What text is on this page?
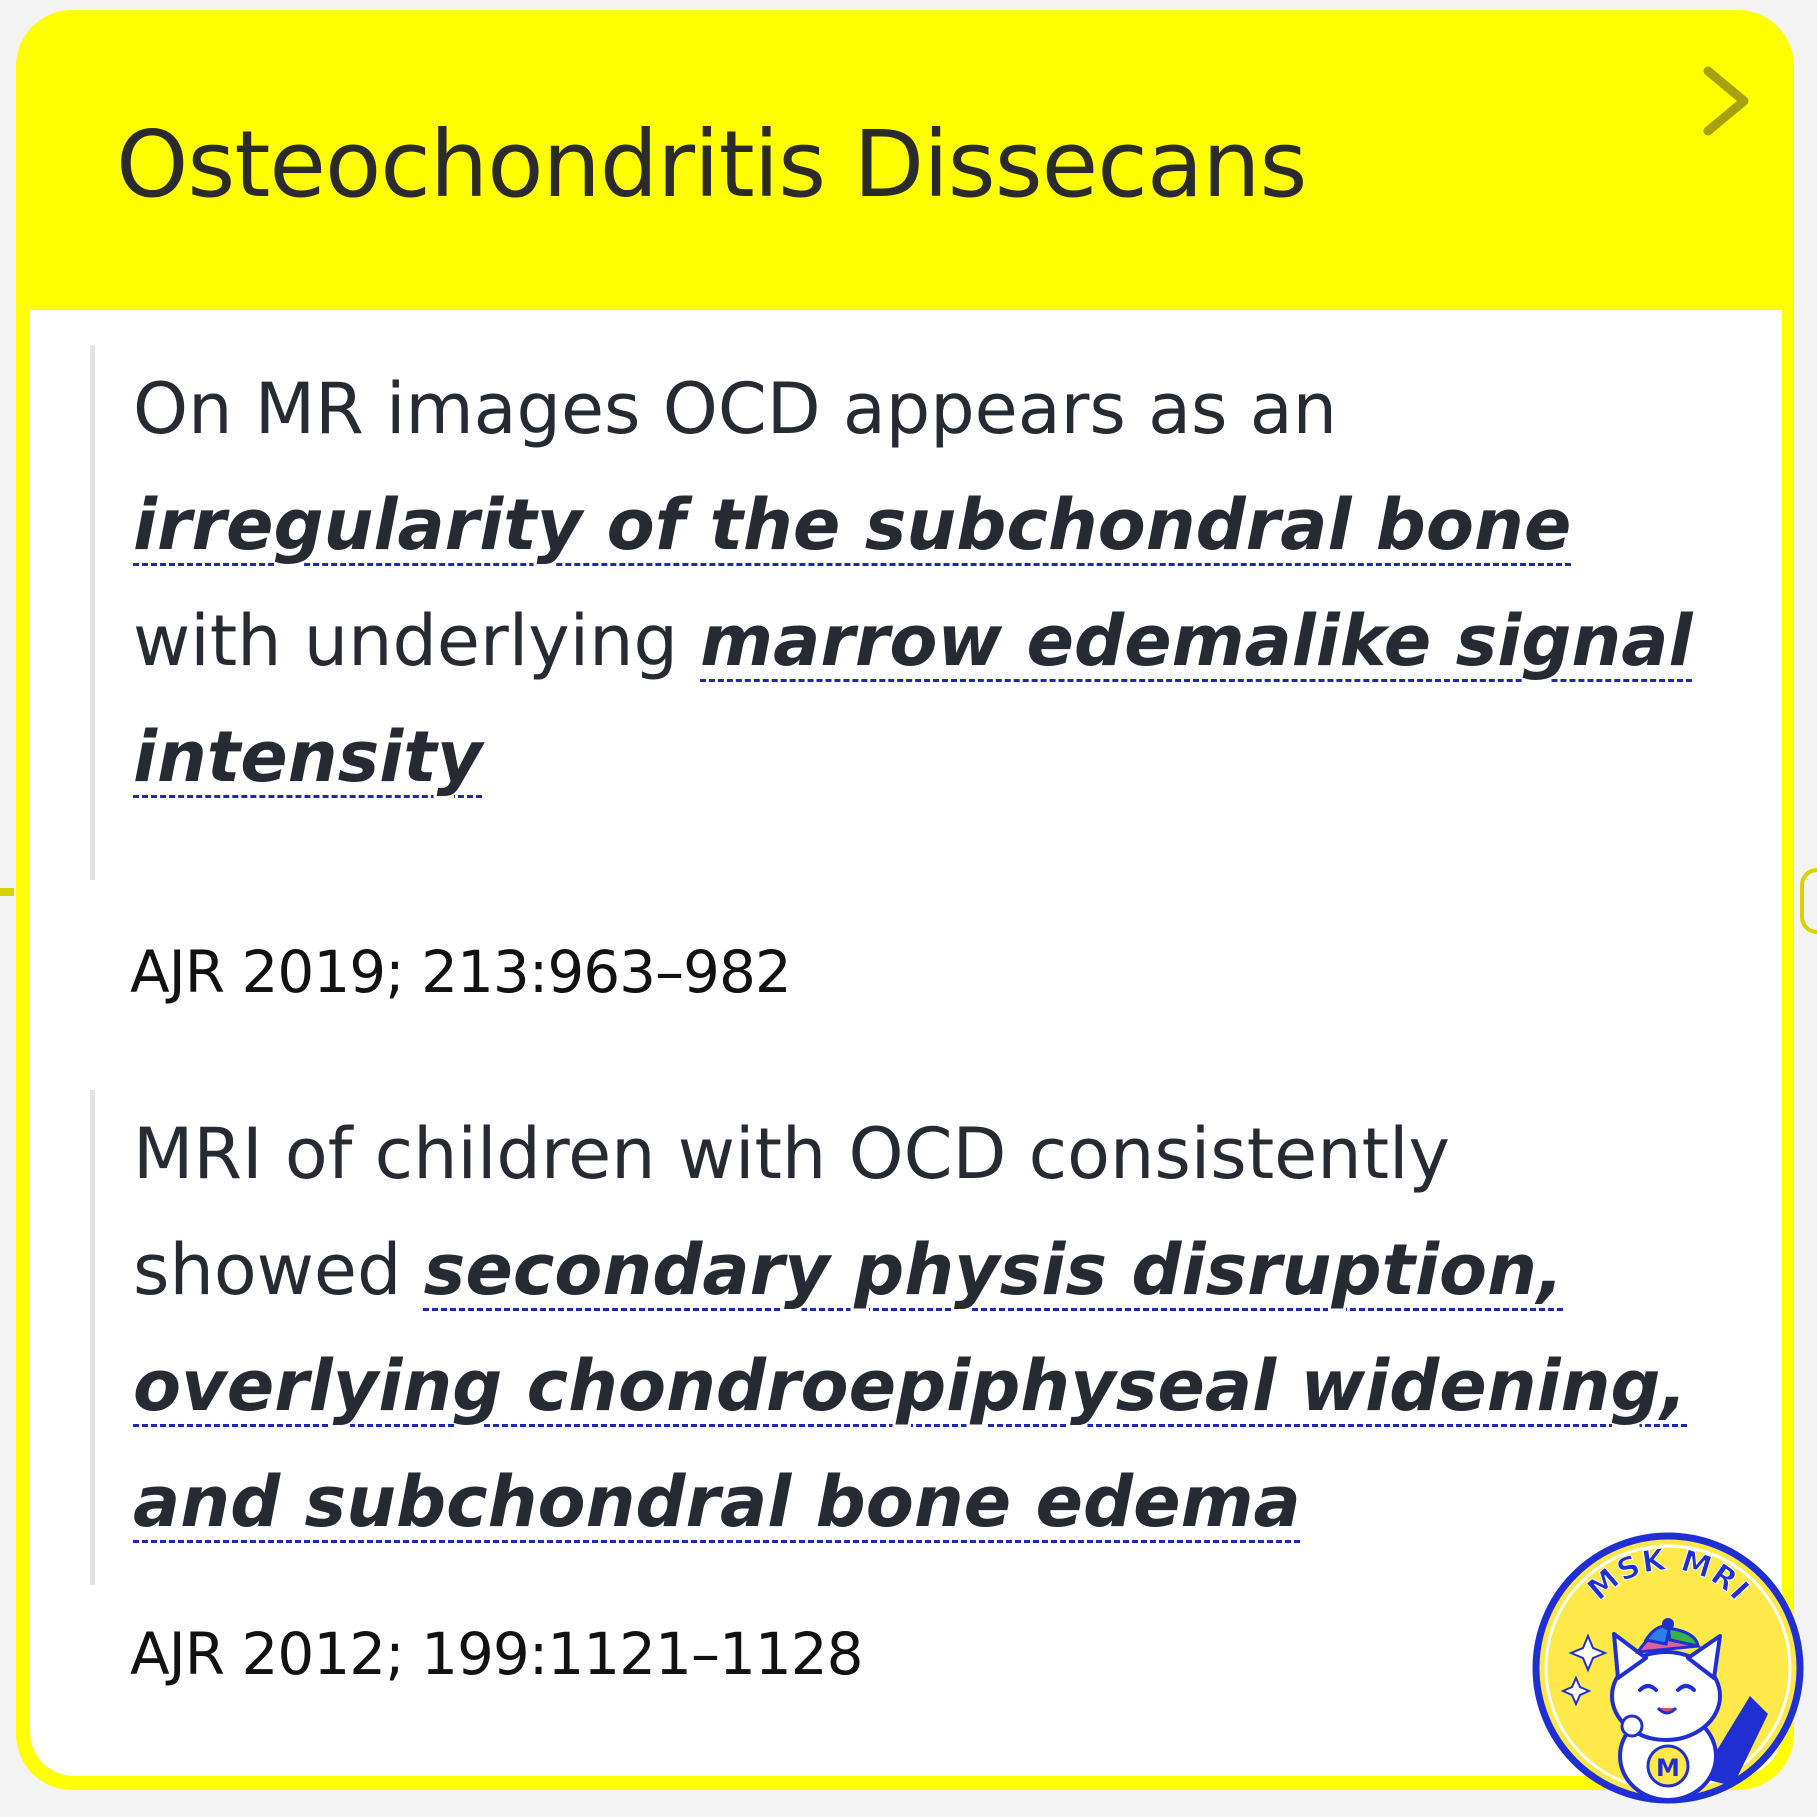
Osteochondritis Dissecans

On MR images OCD appears as an irregularity of the subchondral bone with underlying marrow edemalike signal intensity

AJR 2019; 213:963–982

MRI of children with OCD consistently showed secondary physis disruption, overlying chondroepiphyseal widening, and subchondral bone edema

AJR 2012; 199:1121–1128

MSK MRI
M
